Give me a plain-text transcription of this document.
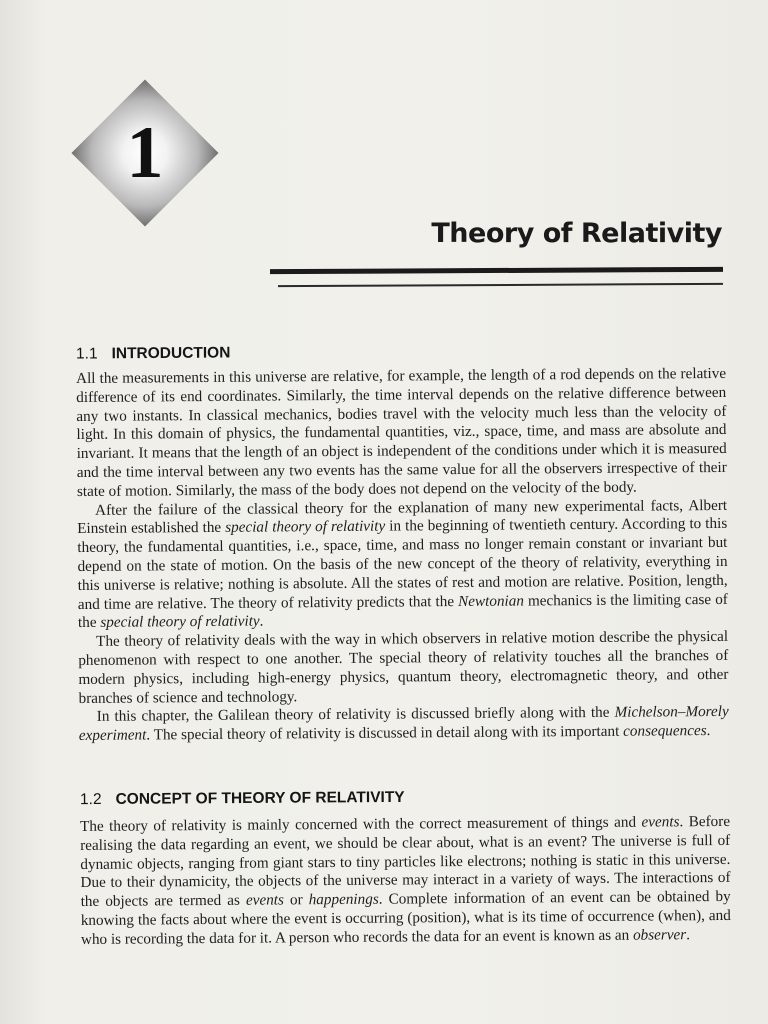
1
Theory of Relativity
1.1 INTRODUCTION

All the measurements in this universe are relative, for example, the length of a rod depends on the relative difference of its end coordinates. Similarly, the time interval depends on the relative difference between any two instants. In classical mechanics, bodies travel with the velocity much less than the velocity of light. In this domain of physics, the fundamental quantities, viz., space, time, and mass are absolute and invariant. It means that the length of an object is independent of the conditions under which it is measured and the time interval between any two events has the same value for all the observers irrespective of their state of motion. Similarly, the mass of the body does not depend on the velocity of the body.

After the failure of the classical theory for the explanation of many new experimental facts, Albert Einstein established the special theory of relativity in the beginning of twentieth century. According to this theory, the fundamental quantities, i.e., space, time, and mass no longer remain constant or invariant but depend on the state of motion. On the basis of the new concept of the theory of relativity, everything in this universe is relative; nothing is absolute. All the states of rest and motion are relative. Position, length, and time are relative. The theory of relativity predicts that the Newtonian mechanics is the limiting case of the special theory of relativity.

The theory of relativity deals with the way in which observers in relative motion describe the physical phenomenon with respect to one another. The special theory of relativity touches all the branches of modern physics, including high-energy physics, quantum theory, electromagnetic theory, and other branches of science and technology.

In this chapter, the Galilean theory of relativity is discussed briefly along with the Michelson–Morely experiment. The special theory of relativity is discussed in detail along with its important consequences.

1.2 CONCEPT OF THEORY OF RELATIVITY

The theory of relativity is mainly concerned with the correct measurement of things and events. Before realising the data regarding an event, we should be clear about, what is an event? The universe is full of dynamic objects, ranging from giant stars to tiny particles like electrons; nothing is static in this universe. Due to their dynamicity, the objects of the universe may interact in a variety of ways. The interactions of the objects are termed as events or happenings. Complete information of an event can be obtained by knowing the facts about where the event is occurring (position), what is its time of occurrence (when), and who is recording the data for it. A person who records the data for an event is known as an observer.
